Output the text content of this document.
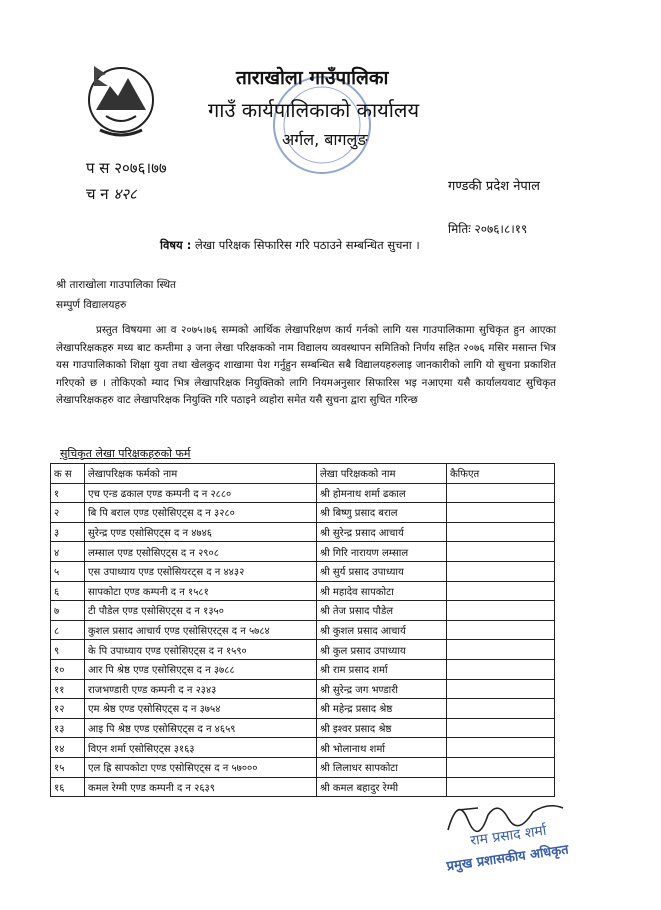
ताराखोला गाउँपालिका
गाउँ कार्यपालिकाको कार्यालय
अर्गल, बागलुङ
प स २०७६।७७
च न ४२८	गण्डकी प्रदेश नेपाल
मितिः २०७६।८।१९
विषय : लेखा परिक्षक सिफारिस गरि पठाउने सम्बन्धित सुचना ।
श्री ताराखोला गाउपालिका स्थित
सम्पुर्ण विद्यालयहरु
प्रस्तुत विषयमा आ व २०७५।७६ सम्मको आर्थिक लेखापरिक्षण कार्य गर्नको लागि यस गाउपालिकामा सुचिकृत हुन आएका लेखापरिक्षकहरु मध्य बाट कम्तीमा ३ जना लेखा परिक्षकको नाम विद्यालय व्यवस्थापन समितिको निर्णय सहित २०७६ मसिर मसान्त भित्र यस गाउपालिकाको शिक्षा युवा तथा खेलकुद शाखामा पेश गर्नुहुन सम्बन्धित सबै विद्यालयहरुलाइ जानकारीको लागि यो सुचना प्रकाशित गरिएको छ । तोकिएको म्याद भित्र लेखापरिक्षक नियुक्तिको लागि नियमअनुसार सिफारिस भइ नआएमा यसै कार्यालयवाट सुचिकृत लेखापरिक्षकहरु वाट लेखापरिक्षक नियुक्ति गरि पठाइने व्यहोरा समेत यसै सुचना द्वारा सुचित गरिन्छ
सुचिकृत लेखा परिक्षकहरुको फर्म
क स	लेखापरिक्षक फर्मको नाम	लेखा परिक्षकको नाम	कैफिएत
१	एच एन्ड ढकाल एण्ड कम्पनी द न २८८०	श्री होमनाथ शर्मा ढकाल	
२	बि पि बराल एण्ड एसोसिएट्स द न ३२८०	श्री बिष्णु प्रसाद बराल	
३	सुरेन्द्र एण्ड एसोसिएट्स द न ४७४६	श्री सुरेन्द्र प्रसाद आचार्य	
४	लम्साल एण्ड एसोसिएट्स द न २९०८	श्री गिरि नारायण लम्साल	
५	एस उपाध्याय एण्ड एसोसियरट्स द न ४४३२	श्री सुर्य प्रसाद उपाध्याय	
६	सापकोटा एण्ड कम्पनी द न १५८१	श्री महादेव सापकोटा	
७	टी पौडेल एण्ड एसोसिएट्स द न १३५०	श्री तेज प्रसाद पौडेल	
८	कुशल प्रसाद आचार्य एण्ड एसोसिएरट्स द न ५७८४	श्री कुशल प्रसाद आचार्य	
९	के पि उपाध्याय एण्ड एसोसिएट्स द न १५९०	श्री कुल प्रसाद उपाध्याय	
१०	आर पि श्रेष्ठ एण्ड एसोसिएट्स द न ३७८८	श्री राम प्रसाद शर्मा	
११	राजभण्डारी एण्ड कम्पनी द न २३४३	श्री सुरेन्द्र जग भण्डारी	
१२	एम श्रेष्ठ एण्ड एसोसिएट्स द न ३७५४	श्री महेन्द्र प्रसाद श्रेष्ठ	
१३	आइ पि श्रेष्ठ एण्ड एसोसिएट्स द न ४६५९	श्री इश्वर प्रसाद श्रेष्ठ	
१४	विएन शर्मा एसोसिएट्स ३१६३	श्री भोलानाथ शर्मा	
१५	एल ह्रि सापकोटा एण्ड एसोसिएट्स द न ५७०००	श्री लिलाधर सापकोटा	
१६	कमल रेग्मी एण्ड कम्पनी द न २६३९	श्री कमल बहादुर रेग्मी	
राम प्रसाद शर्मा
प्रमुख प्रशासकीय अधिकृत
